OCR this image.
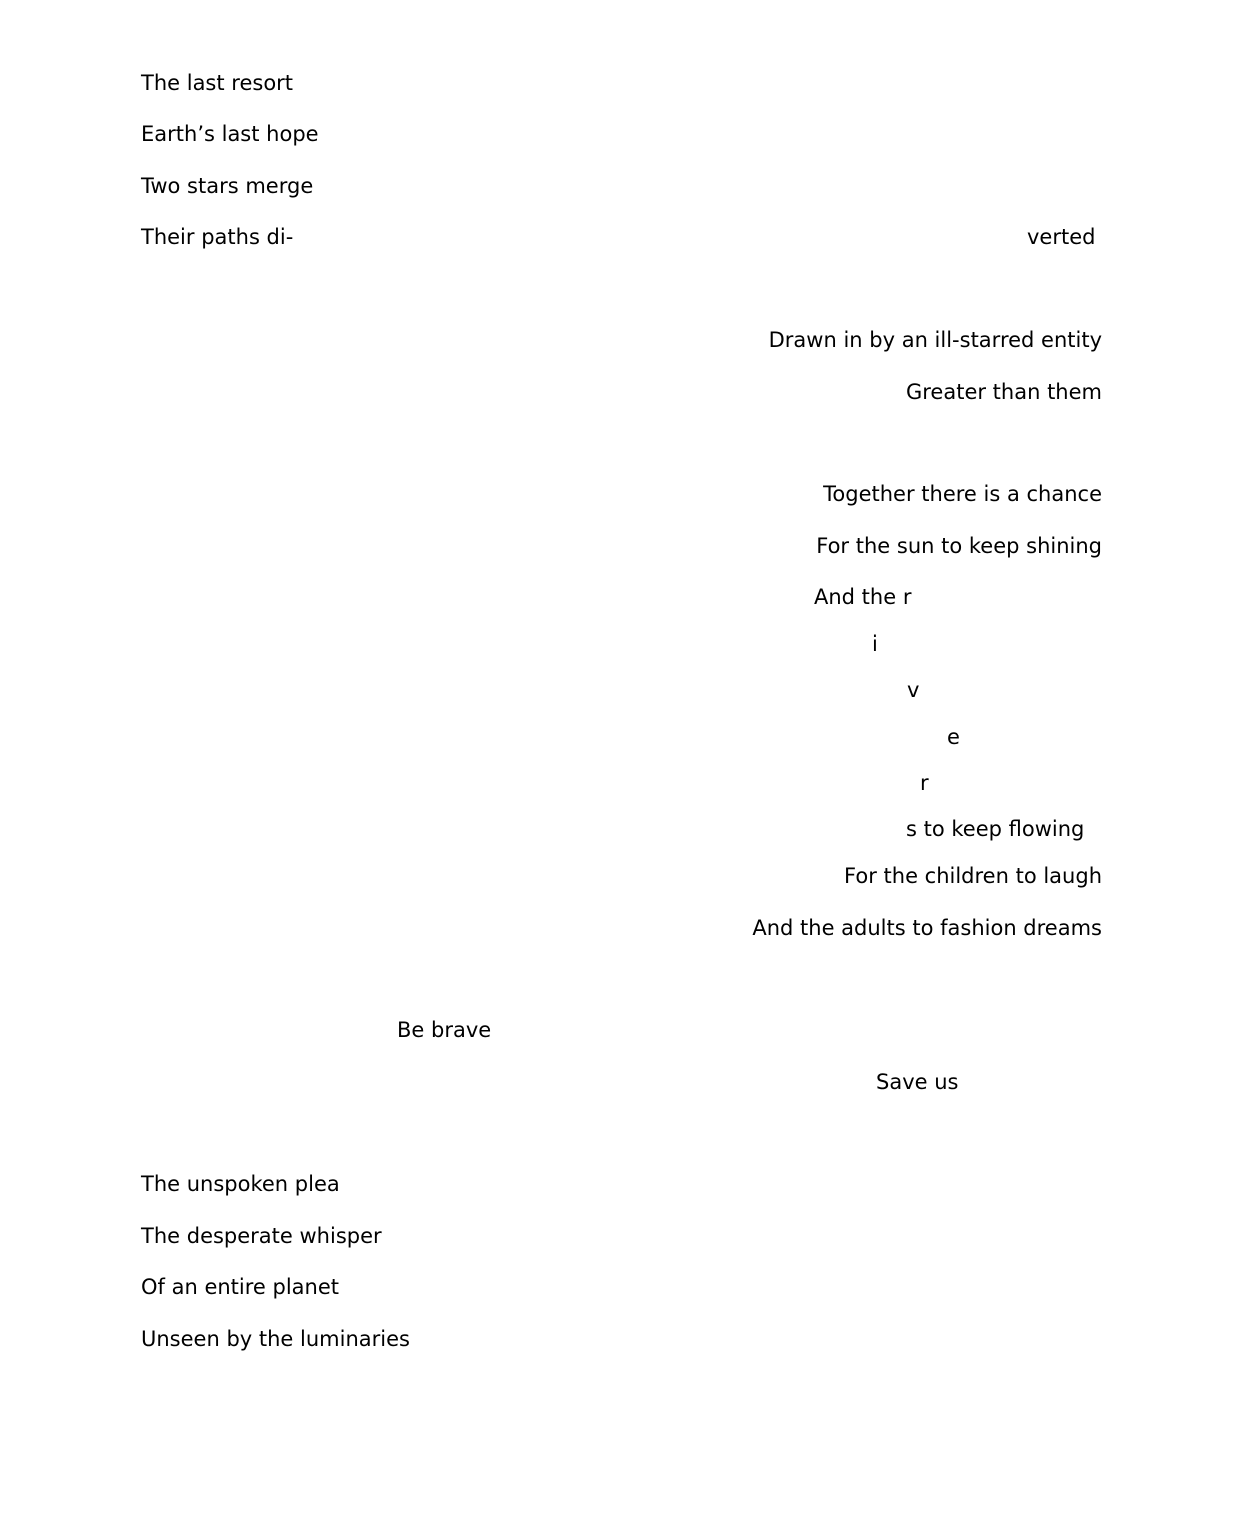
The last resort
Earth’s last hope
Two stars merge
Their paths di-	verted
Drawn in by an ill-starred entity
Greater than them
Together there is a chance
For the sun to keep shining
And the r
i
v
e
r
s to keep flowing
For the children to laugh
And the adults to fashion dreams
Be brave
Save us
The unspoken plea
The desperate whisper
Of an entire planet
Unseen by the luminaries
